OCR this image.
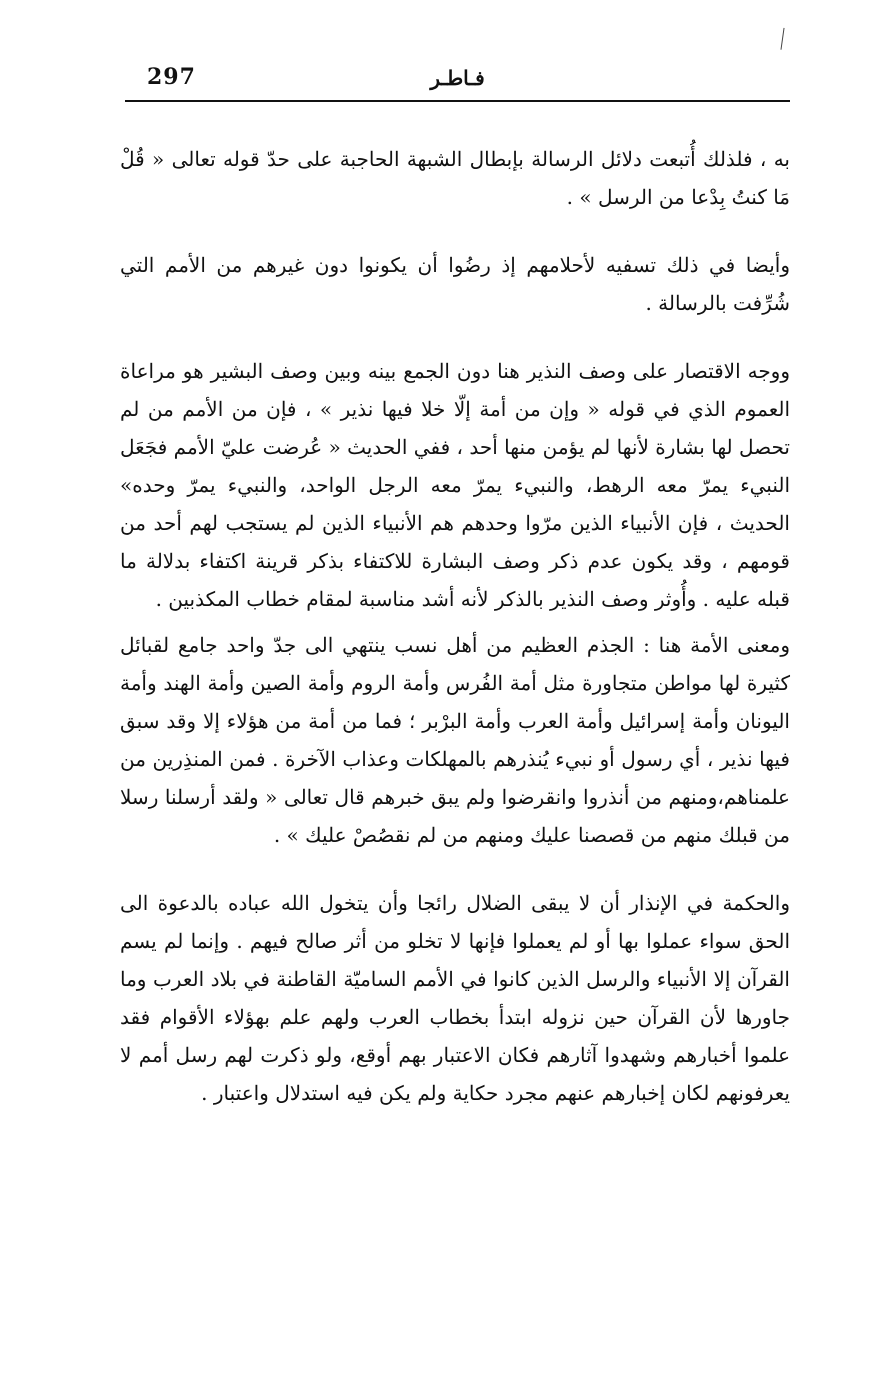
297	فـاطـر

به ، فلذلك أُتبعت دلائل الرسالة بإبطال الشبهة الحاجبة على حدّ قوله تعالى « قُلْ مَا كنتُ بِدْعا من الرسل » .

وأيضا في ذلك تسفيه لأحلامهم إذ رضُوا أن يكونوا دون غيرهم من الأمم التي شُرِّفت بالرسالة .

ووجه الاقتصار على وصف النذير هنا دون الجمع بينه وبين وصف البشير هو مراعاة العموم الذي في قوله « وإن من أمة إلّا خلا فيها نذير » ، فإن من الأمم من لم تحصل لها بشارة لأنها لم يؤمن منها أحد ، ففي الحديث « عُرضت عليّ الأمم فجَعَل النبيء يمرّ معه الرهط، والنبيء يمرّ معه الرجل الواحد، والنبيء يمرّ وحده» الحديث ، فإن الأنبياء الذين مرّوا وحدهم هم الأنبياء الذين لم يستجب لهم أحد من قومهم ، وقد يكون عدم ذكر وصف البشارة للاكتفاء بذكر قرينة اكتفاء بدلالة ما قبله عليه . وأُوثر وصف النذير بالذكر لأنه أشد مناسبة لمقام خطاب المكذبين .

ومعنى الأمة هنا : الجذم العظيم من أهل نسب ينتهي الى جدّ واحد جامع لقبائل كثيرة لها مواطن متجاورة مثل أمة الفُرس وأمة الروم وأمة الصين وأمة الهند وأمة اليونان وأمة إسرائيل وأمة العرب وأمة البرْبر ؛ فما من أمة من هؤلاء إلا وقد سبق فيها نذير ، أي رسول أو نبيء يُنذرهم بالمهلكات وعذاب الآخرة . فمن المنذِرين من علمناهم،ومنهم من أنذروا وانقرضوا ولم يبق خبرهم قال تعالى « ولقد أرسلنا رسلا من قبلك منهم من قصصنا عليك ومنهم من لم نقصُصْ عليك » .

والحكمة في الإنذار أن لا يبقى الضلال رائجا وأن يتخول الله عباده بالدعوة الى الحق سواء عملوا بها أو لم يعملوا فإنها لا تخلو من أثر صالح فيهم . وإنما لم يسم القرآن إلا الأنبياء والرسل الذين كانوا في الأمم الساميّة القاطنة في بلاد العرب وما جاورها لأن القرآن حين نزوله ابتدأ بخطاب العرب ولهم علم بهؤلاء الأقوام فقد علموا أخبارهم وشهدوا آثارهم فكان الاعتبار بهم أوقع، ولو ذكرت لهم رسل أمم لا يعرفونهم لكان إخبارهم عنهم مجرد حكاية ولم يكن فيه استدلال واعتبار .
